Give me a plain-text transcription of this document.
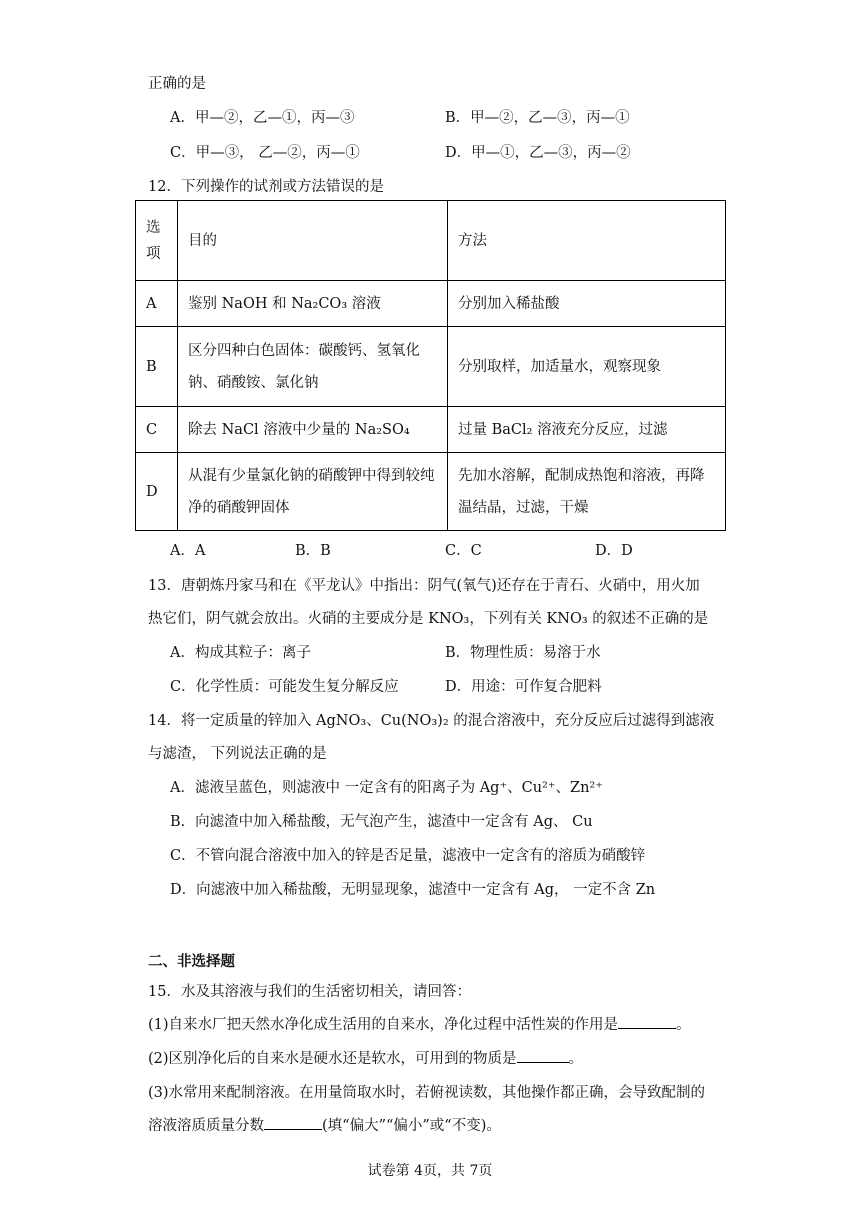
正确的是
A．甲—②，乙—①，丙—③	B．甲—②，乙—③，丙—①
C．甲—③， 乙—②，丙—①	D．甲—①，乙—③，丙—②
12．下列操作的试剂或方法错误的是
选项	目的	方法
A	鉴别 NaOH 和 Na₂CO₃ 溶液	分别加入稀盐酸
B	区分四种白色固体：碳酸钙、氢氧化钠、硝酸铵、氯化钠	分别取样，加适量水，观察现象
C	除去 NaCl 溶液中少量的 Na₂SO₄	过量 BaCl₂ 溶液充分反应，过滤
D	从混有少量氯化钠的硝酸钾中得到较纯净的硝酸钾固体	先加水溶解，配制成热饱和溶液，再降温结晶，过滤，干燥
A．A	B．B	C．C	D．D
13．唐朝炼丹家马和在《平龙认》中指出：阴气(氧气)还存在于青石、火硝中，用火加
热它们，阴气就会放出。火硝的主要成分是 KNO₃，下列有关 KNO₃ 的叙述不正确的是
A．构成其粒子：离子	B．物理性质：易溶于水
C．化学性质：可能发生复分解反应	D．用途：可作复合肥料
14．将一定质量的锌加入 AgNO₃、Cu(NO₃)₂ 的混合溶液中，充分反应后过滤得到滤液
与滤渣， 下列说法正确的是
A．滤液呈蓝色，则滤液中 一定含有的阳离子为 Ag⁺、Cu²⁺、Zn²⁺
B．向滤渣中加入稀盐酸，无气泡产生，滤渣中一定含有 Ag、 Cu
C．不管向混合溶液中加入的锌是否足量，滤液中一定含有的溶质为硝酸锌
D．向滤液中加入稀盐酸，无明显现象，滤渣中一定含有 Ag， 一定不含 Zn
二、非选择题
15．水及其溶液与我们的生活密切相关，请回答：
(1)自来水厂把天然水净化成生活用的自来水，净化过程中活性炭的作用是	。
(2)区别净化后的自来水是硬水还是软水，可用到的物质是	。
(3)水常用来配制溶液。在用量筒取水时，若俯视读数，其他操作都正确，会导致配制的
溶液溶质质量分数	(填“偏大”“偏小”或“不变)。
试卷第 4页，共 7页
